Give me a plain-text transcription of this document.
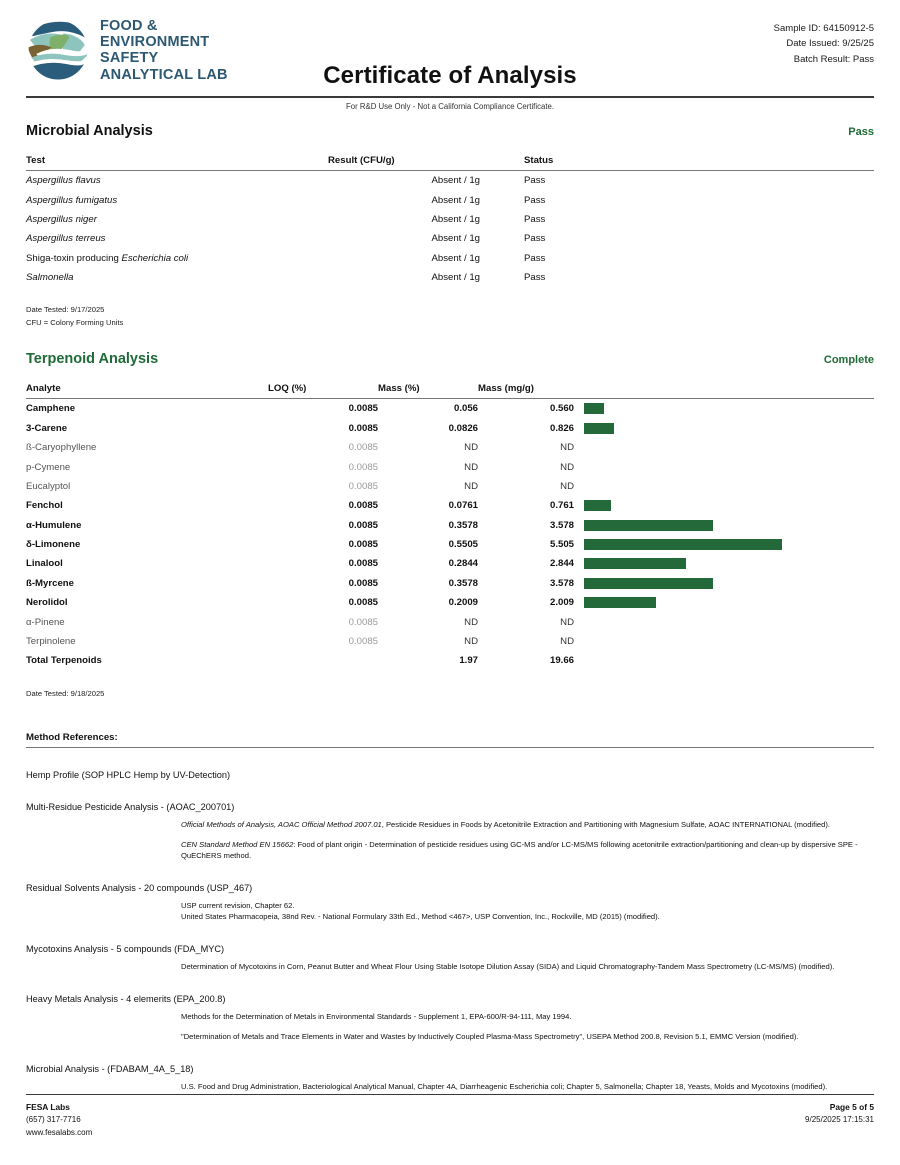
FOOD &
ENVIRONMENT
SAFETY
ANALYTICAL LAB
Sample ID: 64150912-5
Date Issued: 9/25/25
Batch Result: Pass
Certificate of Analysis
For R&D Use Only - Not a California Compliance Certificate.
Microbial Analysis	Pass
Test	Result (CFU/g)	Status	
Aspergillus flavus	Absent / 1g	Pass	
Aspergillus fumigatus	Absent / 1g	Pass	
Aspergillus niger	Absent / 1g	Pass	
Aspergillus terreus	Absent / 1g	Pass	
Shiga-toxin producing Escherichia coli	Absent / 1g	Pass	
Salmonella	Absent / 1g	Pass	
Date Tested: 9/17/2025
CFU = Colony Forming Units
Terpenoid Analysis	Complete
Analyte	LOQ (%)	Mass (%)	Mass (mg/g)	
Camphene	0.0085	0.056	0.560	

3-Carene	0.0085	0.0826	0.826	

ß-Caryophyllene	0.0085	ND	ND	
p-Cymene	0.0085	ND	ND	
Eucalyptol	0.0085	ND	ND	
Fenchol	0.0085	0.0761	0.761	

α-Humulene	0.0085	0.3578	3.578	

δ-Limonene	0.0085	0.5505	5.505	

Linalool	0.0085	0.2844	2.844	

ß-Myrcene	0.0085	0.3578	3.578	

Nerolidol	0.0085	0.2009	2.009	

α-Pinene	0.0085	ND	ND	
Terpinolene	0.0085	ND	ND	
Total Terpenoids		1.97	19.66	
Date Tested: 9/18/2025
Method References:
Hemp Profile (SOP HPLC Hemp by UV-Detection)
Multi-Residue Pesticide Analysis - (AOAC_200701)

Official Methods of Analysis, AOAC Official Method 2007.01, Pesticide Residues in Foods by Acetonitrile Extraction and Partitioning with Magnesium Sulfate, AOAC INTERNATIONAL (modified).

CEN Standard Method EN 15662: Food of plant origin - Determination of pesticide residues using GC-MS and/or LC-MS/MS following acetonitrile extraction/partitioning and clean-up by dispersive SPE - QuEChERS method.

Residual Solvents Analysis - 20 compounds (USP_467)

USP current revision, Chapter 62.

United States Pharmacopeia, 38nd Rev. - National Formulary 33th Ed., Method <467>, USP Convention, Inc., Rockville, MD (2015) (modified).

Mycotoxins Analysis - 5 compounds (FDA_MYC)

Determination of Mycotoxins in Corn, Peanut Butter and Wheat Flour Using Stable Isotope Dilution Assay (SIDA) and Liquid Chromatography-Tandem Mass Spectrometry (LC-MS/MS) (modified).

Heavy Metals Analysis - 4 elemerits (EPA_200.8)

Methods for the Determination of Metals in Environmental Standards - Supplement 1, EPA-600/R-94-111, May 1994.

"Determination of Metals and Trace Elements in Water and Wastes by Inductively Coupled Plasma-Mass Spectrometry", USEPA Method 200.8, Revision 5.1, EMMC Version (modified).

Microbial Analysis - (FDABAM_4A_5_18)

U.S. Food and Drug Administration, Bacteriological Analytical Manual, Chapter 4A, Diarrheagenic Escherichia coli; Chapter 5, Salmonella; Chapter 18, Yeasts, Molds and Mycotoxins (modified).

FESA Labs
(657) 317-7716
www.fesalabs.com
Page 5 of 5
9/25/2025 17:15:31
